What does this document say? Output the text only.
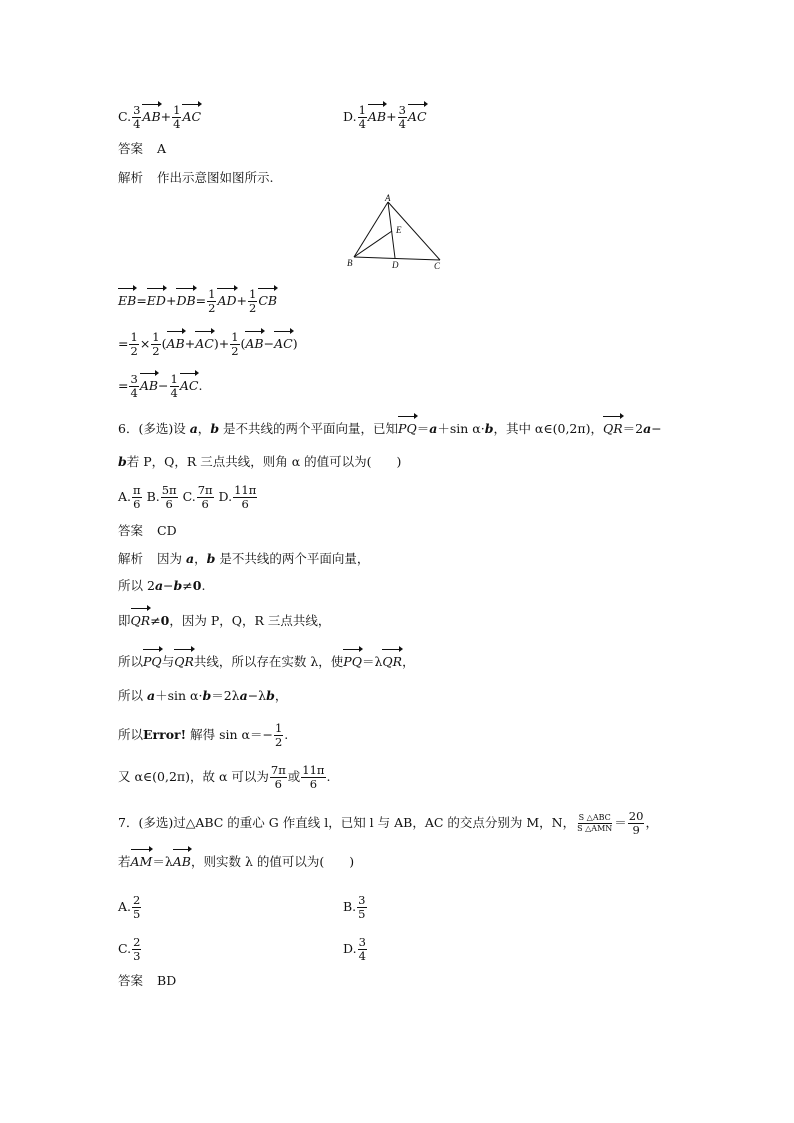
C. $\frac{3}{4} AB+ \frac{1}{4}$ AC	D. $\frac{1}{4} AB+ \frac{3}{4}$ AC
答案 A
解析 作出示意图如图所示.
A
B	C
D
E
$EB=ED+DB= \frac{1}{2} AD+ \frac{1}{2}$ CB
= $\frac{1}{2} \times \frac{1}{2} (AB+AC)+ \frac{1}{2} (AB-AC)$
= $\frac{3}{4} AB- \frac{1}{4}$ AC.
6．(多选)设 a，b 是不共线的两个平面向量，已知PQ＝a＋sin α·b，其中 α∈(0,2π)，QR＝2a−
b若 P，Q，R 三点共线，则角 α 的值可以为(　　)
A. $\frac{\pi}{6} B$. $\frac{5\pi}{6} C$. $\frac{7\pi}{6} D$. $\frac{11\pi}{6}$
答案 CD
解析 因为 a，b 是不共线的两个平面向量，
所以 2a−b≠0.
即QR≠0，因为 P，Q，R 三点共线，
所以PQ与QR共线，所以存在实数 λ，使PQ＝λQR，
所以 a＋sin α·b＝2λa−λb，
所以Error! 解得 $\sin \alpha=- \frac{1}{2}$ .
又 α∈(0,2π)，故 α 可以为 $\frac{7\pi}{6}$ 或 $\frac{11\pi}{6}$ .
7．(多选)过△ABC 的重心 G 作直线 l，已知 l 与 AB，AC 的交点分别为 M，N， S △ABC
S △AMN ＝ $\frac{20}{9}$ ，
若AM＝λAB，则实数 λ 的值可以为(　　)
A. $\frac{2}{5}$	B. $\frac{3}{5}$
C. $\frac{2}{3}$	D. $\frac{3}{4}$
答案 BD
